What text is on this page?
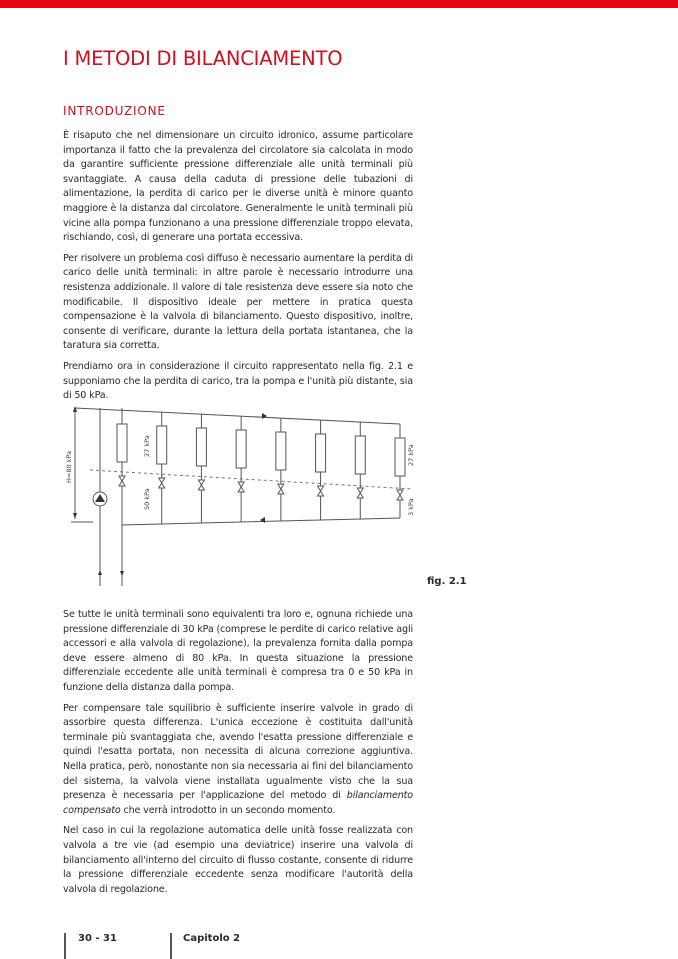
I METODI DI BILANCIAMENTO
INTRODUZIONE

È risaputo che nel dimensionare un circuito idronico, assume particolare importanza il fatto che la prevalenza del circolatore sia calcolata in modo da garantire sufficiente pressione differenziale alle unità terminali più svantaggiate. A causa della caduta di pressione delle tubazioni di alimentazione, la perdita di carico per le diverse unità è minore quanto maggiore è la distanza dal circolatore. Generalmente le unità terminali più vicine alla pompa funzionano a una pressione differenziale troppo elevata, rischiando, così, di generare una portata eccessiva.

Per risolvere un problema così diffuso è necessario aumentare la perdita di carico delle unità terminali: in altre parole è necessario introdurre una resistenza addizionale. Il valore di tale resistenza deve essere sia noto che modificabile. Il dispositivo ideale per mettere in pratica questa compensazione è la valvola di bilanciamento. Questo dispositivo, inoltre, consente di verificare, durante la lettura della portata istantanea, che la taratura sia corretta.

Prendiamo ora in considerazione il circuito rappresentato nella fig. 2.1 e supponiamo che la perdita di carico, tra la pompa e l'unità più distante, sia di 50 kPa.

H=80 kPa
27 kPa
50 kPa
27 kPa
3 kPa
fig. 2.1

Se tutte le unità terminali sono equivalenti tra loro e, ognuna richiede una pressione differenziale di 30 kPa (comprese le perdite di carico relative agli accessori e alla valvola di regolazione), la prevalenza fornita dalla pompa deve essere almeno di 80 kPa. In questa situazione la pressione differenziale eccedente alle unità terminali è compresa tra 0 e 50 kPa in funzione della distanza dalla pompa.

Per compensare tale squilibrio è sufficiente inserire valvole in grado di assorbire questa differenza. L'unica eccezione è costituita dall'unità terminale più svantaggiata che, avendo l'esatta pressione differenziale e quindi l'esatta portata, non necessita di alcuna correzione aggiuntiva. Nella pratica, però, nonostante non sia necessaria ai fini del bilanciamento del sistema, la valvola viene installata ugualmente visto che la sua presenza è necessaria per l'applicazione del metodo di bilanciamento compensato che verrà introdotto in un secondo momento.

Nel caso in cui la regolazione automatica delle unità fosse realizzata con valvola a tre vie (ad esempio una deviatrice) inserire una valvola di bilanciamento all'interno del circuito di flusso costante, consente di ridurre la pressione differenziale eccedente senza modificare l'autorità della valvola di regolazione.

30 - 31	Capitolo 2
